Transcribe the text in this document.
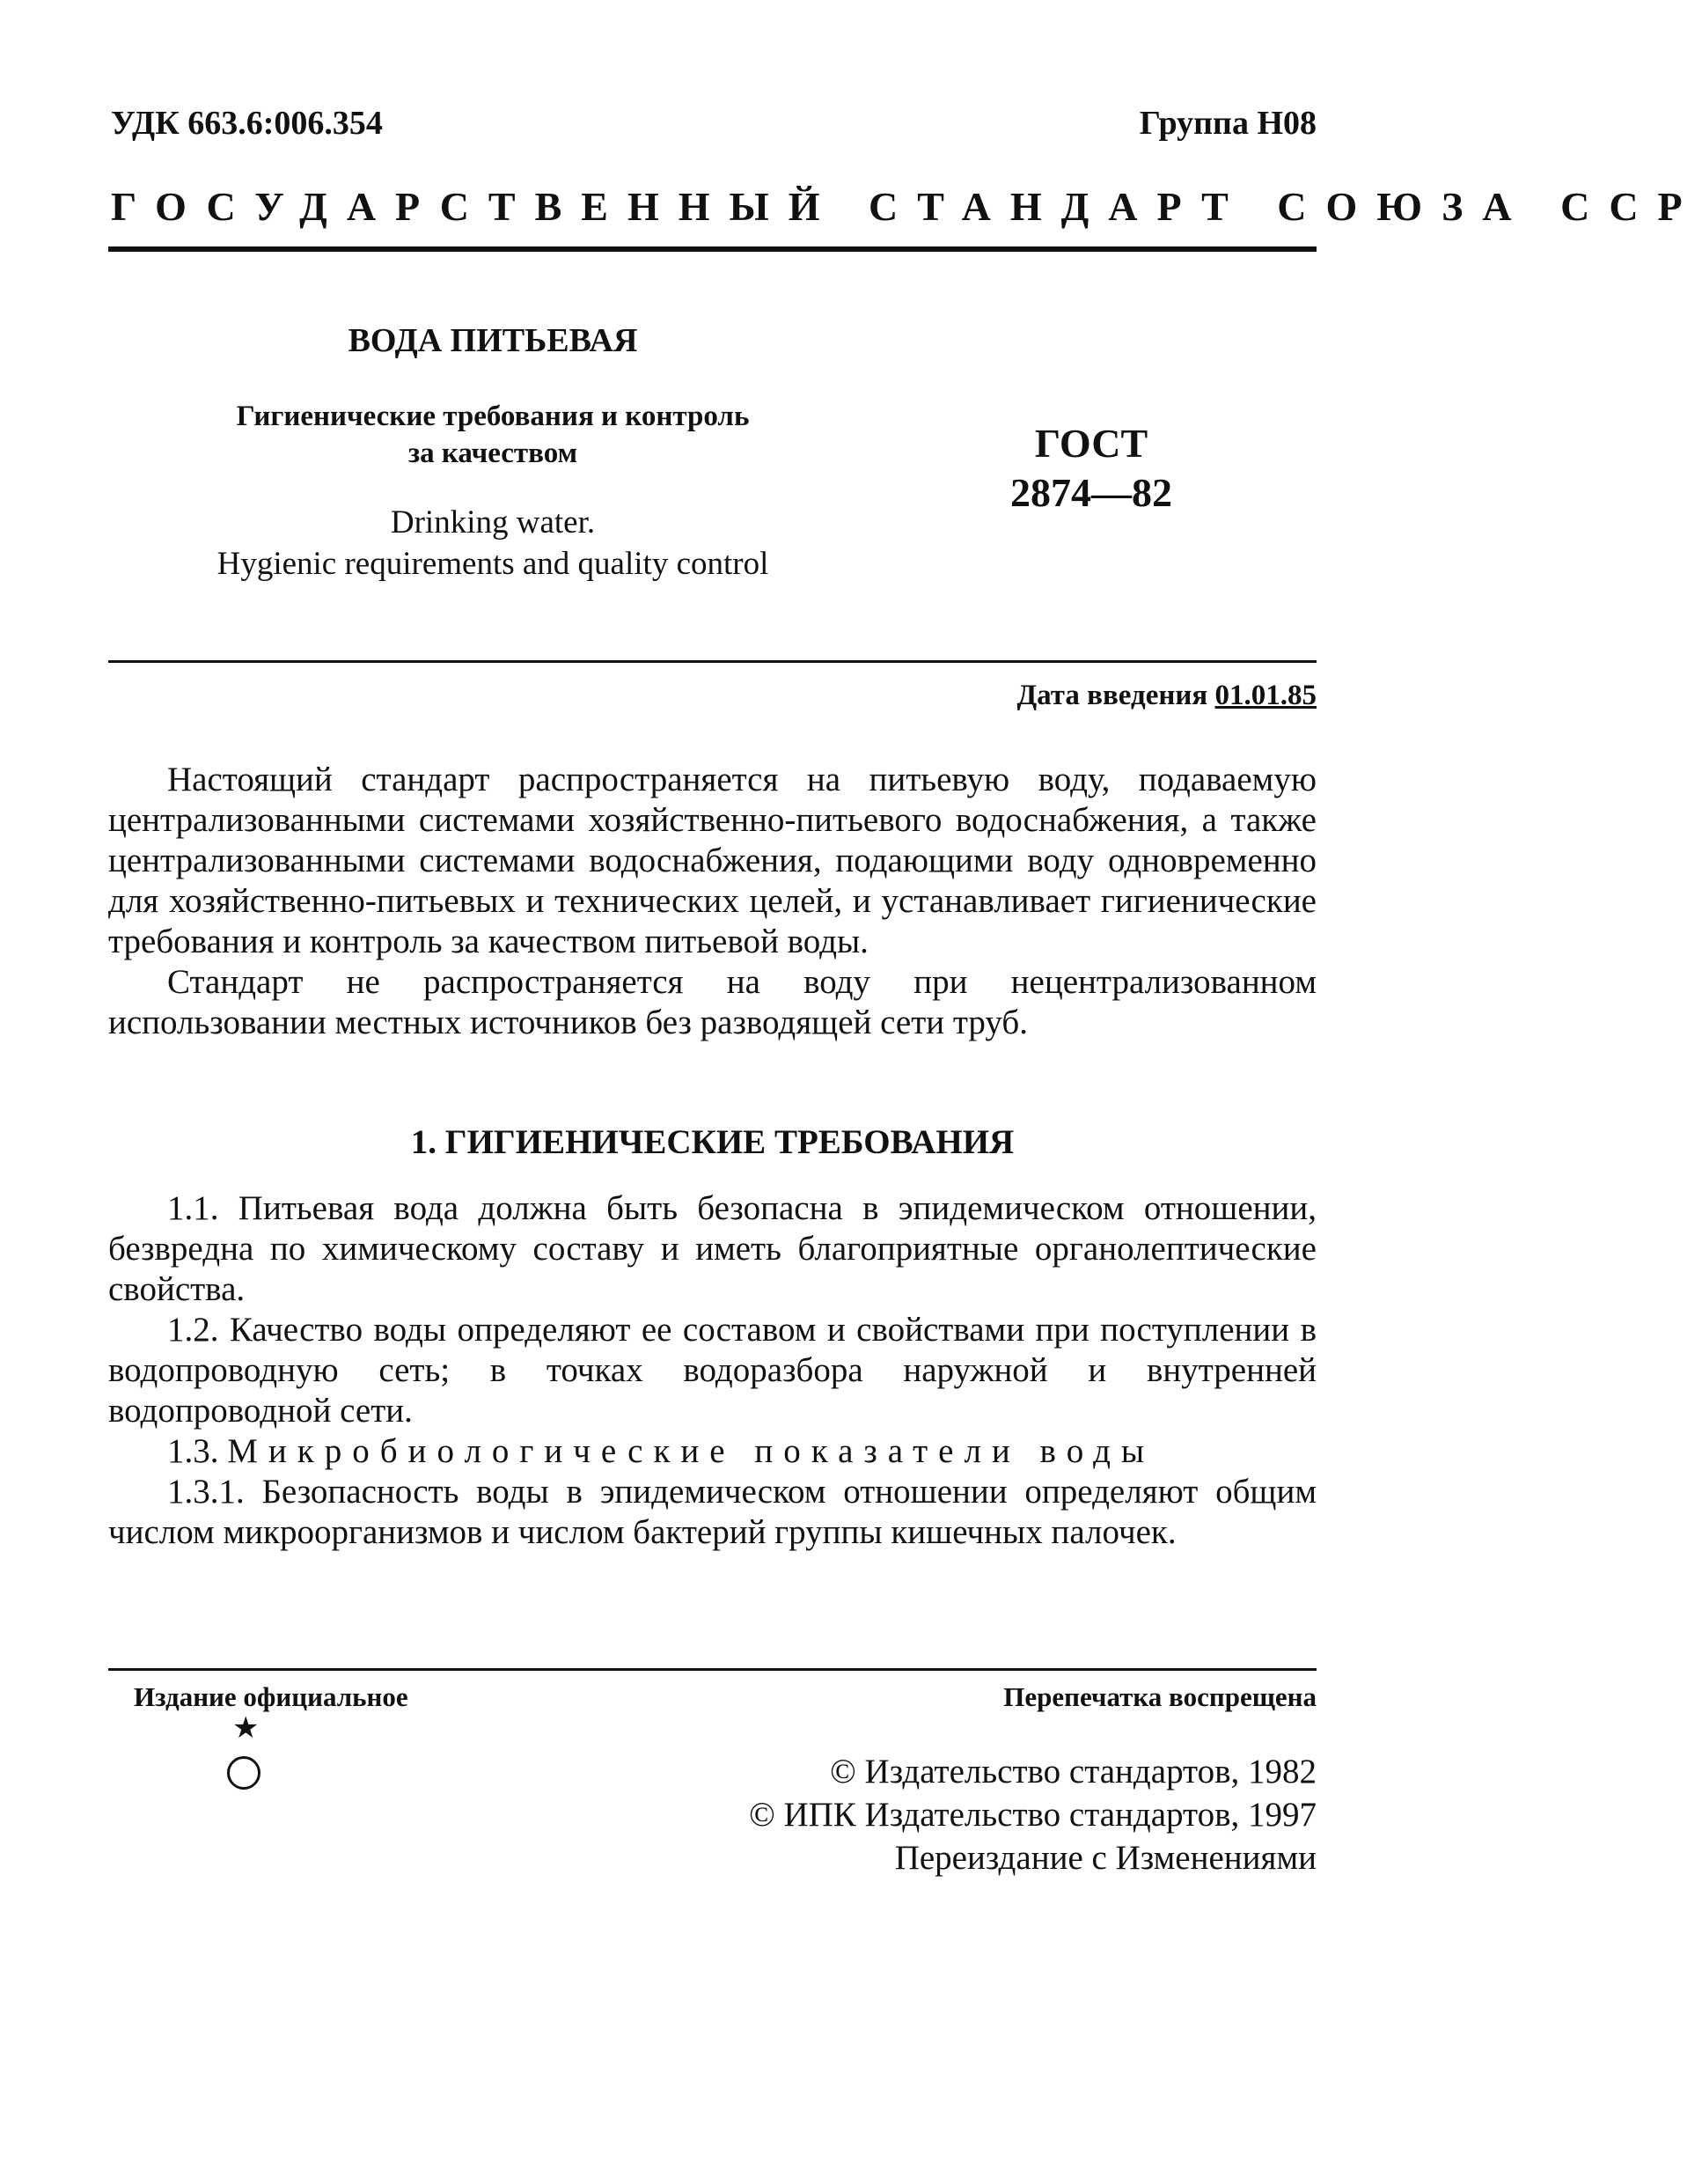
УДК 663.6:006.354	Группа Н08
ГОСУДАРСТВЕННЫЙ СТАНДАРТ СОЮЗА ССР
ВОДА ПИТЬЕВАЯ
Гигиенические требования и контроль
за качеством
Drinking water.
Hygienic requirements and quality control
ГОСТ
2874—82
Дата введения 01.01.85

Настоящий стандарт распространяется на питьевую воду, подаваемую централизованными системами хозяйственно-питьевого водоснабжения, а также централизованными системами водоснабжения, подающими воду одновременно для хозяйственно-питьевых и технических целей, и устанавливает гигиенические требования и контроль за качеством питьевой воды.

Стандарт не распространяется на воду при нецентрализованном использовании местных источников без разводящей сети труб.

1. ГИГИЕНИЧЕСКИЕ ТРЕБОВАНИЯ

1.1. Питьевая вода должна быть безопасна в эпидемическом отношении, безвредна по химическому составу и иметь благоприятные органолептические свойства.

1.2. Качество воды определяют ее составом и свойствами при поступлении в водопроводную сеть; в точках водоразбора наружной и внутренней водопроводной сети.

1.3. Микробиологические показатели воды

1.3.1. Безопасность воды в эпидемическом отношении определяют общим числом микроорганизмов и числом бактерий группы кишечных палочек.

Издание официальное	Перепечатка воспрещена
★
© Издательство стандартов, 1982
© ИПК Издательство стандартов, 1997
Переиздание с Изменениями
